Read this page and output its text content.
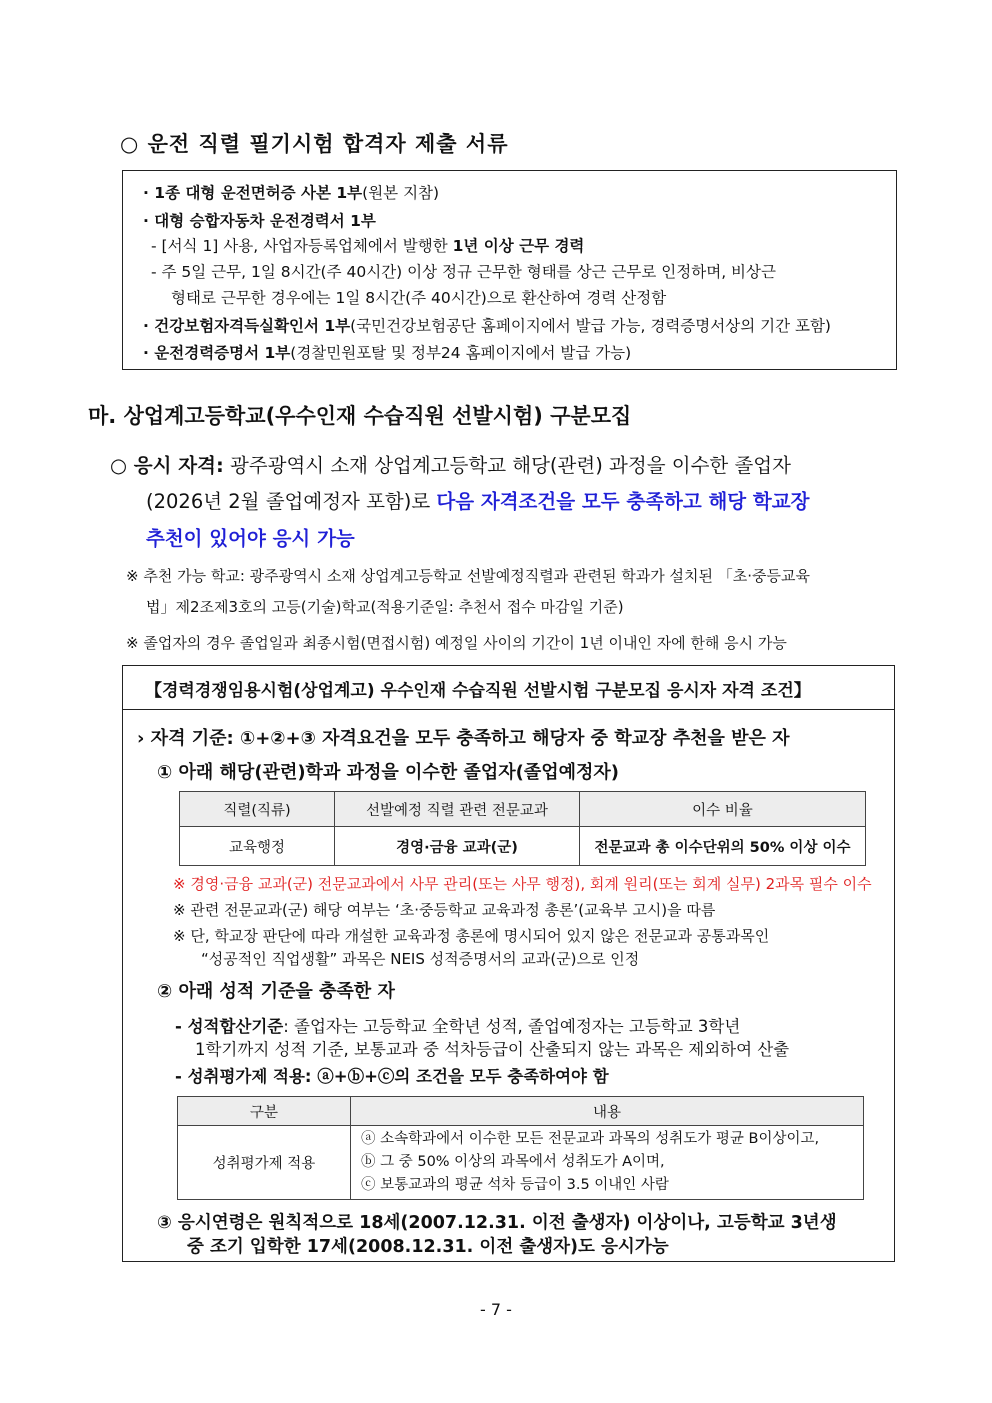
○ 운전 직렬 필기시험 합격자 제출 서류
· 1종 대형 운전면허증 사본 1부(원본 지참)
· 대형 승합자동차 운전경력서 1부
- [서식 1] 사용, 사업자등록업체에서 발행한 1년 이상 근무 경력
- 주 5일 근무, 1일 8시간(주 40시간) 이상 정규 근무한 형태를 상근 근무로 인정하며, 비상근
형태로 근무한 경우에는 1일 8시간(주 40시간)으로 환산하여 경력 산정함
· 건강보험자격득실확인서 1부(국민건강보험공단 홈페이지에서 발급 가능, 경력증명서상의 기간 포함)
· 운전경력증명서 1부(경찰민원포탈 및 정부24 홈페이지에서 발급 가능)
마. 상업계고등학교(우수인재 수습직원 선발시험) 구분모집
○ 응시 자격: 광주광역시 소재 상업계고등학교 해당(관련) 과정을 이수한 졸업자
(2026년 2월 졸업예정자 포함)로 다음 자격조건을 모두 충족하고 해당 학교장
추천이 있어야 응시 가능
※ 추천 가능 학교: 광주광역시 소재 상업계고등학교 선발예정직렬과 관련된 학과가 설치된 「초·중등교육
법」제2조제3호의 고등(기술)학교(적용기준일: 추천서 접수 마감일 기준)
※ 졸업자의 경우 졸업일과 최종시험(면접시험) 예정일 사이의 기간이 1년 이내인 자에 한해 응시 가능
【경력경쟁임용시험(상업계고) 우수인재 수습직원 선발시험 구분모집 응시자 자격 조건】
› 자격 기준: ①+②+③ 자격요건을 모두 충족하고 해당자 중 학교장 추천을 받은 자
① 아래 해당(관련)학과 과정을 이수한 졸업자(졸업예정자)
직렬(직류)	선발예정 직렬 관련 전문교과	이수 비율
교육행정	경영·금융 교과(군)	전문교과 총 이수단위의 50% 이상 이수
※ 경영·금융 교과(군) 전문교과에서 사무 관리(또는 사무 행정), 회계 원리(또는 회계 실무) 2과목 필수 이수
※ 관련 전문교과(군) 해당 여부는 ‘초·중등학교 교육과정 총론’(교육부 고시)을 따름
※ 단, 학교장 판단에 따라 개설한 교육과정 총론에 명시되어 있지 않은 전문교과 공통과목인
“성공적인 직업생활” 과목은 NEIS 성적증명서의 교과(군)으로 인정
② 아래 성적 기준을 충족한 자
- 성적합산기준: 졸업자는 고등학교 全학년 성적, 졸업예정자는 고등학교 3학년
1학기까지 성적 기준, 보통교과 중 석차등급이 산출되지 않는 과목은 제외하여 산출
- 성취평가제 적용: ⓐ+ⓑ+ⓒ의 조건을 모두 충족하여야 함
구분	내용
성취평가제 적용	ⓐ 소속학과에서 이수한 모든 전문교과 과목의 성취도가 평균 B이상이고,
ⓑ 그 중 50% 이상의 과목에서 성취도가 A이며,
ⓒ 보통교과의 평균 석차 등급이 3.5 이내인 사람
③ 응시연령은 원칙적으로 18세(2007.12.31. 이전 출생자) 이상이나, 고등학교 3년생
중 조기 입학한 17세(2008.12.31. 이전 출생자)도 응시가능
- 7 -
